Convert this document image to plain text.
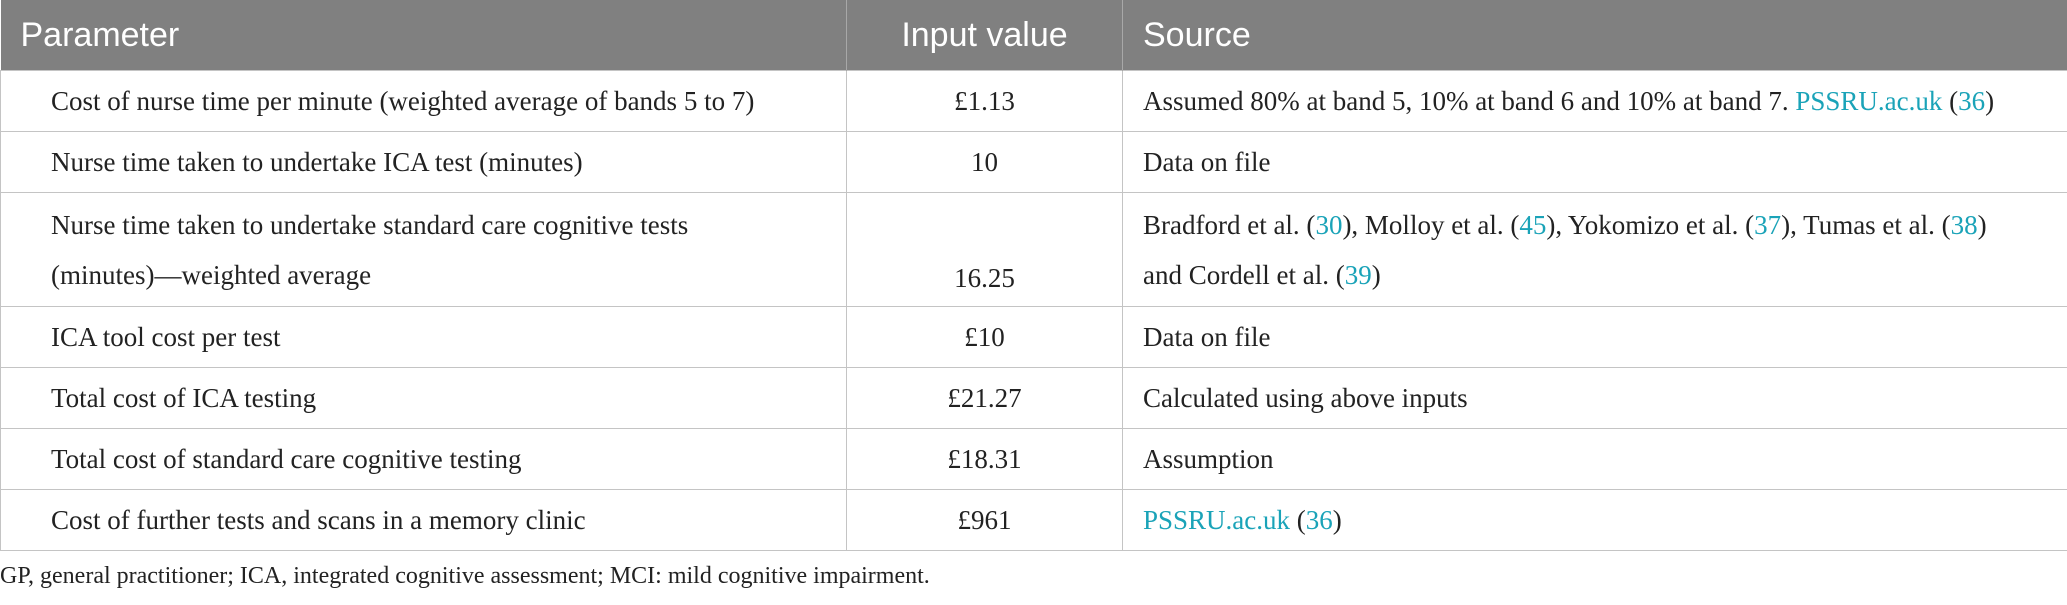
Parameter	Input value	Source
Cost of nurse time per minute (weighted average of bands 5 to 7)	£1.13	Assumed 80% at band 5, 10% at band 6 and 10% at band 7. PSSRU.ac.uk (36)
Nurse time taken to undertake ICA test (minutes)	10	Data on file
Nurse time taken to undertake standard care cognitive tests
(minutes)—weighted average	16.25	Bradford et al. (30), Molloy et al. (45), Yokomizo et al. (37), Tumas et al. (38)
and Cordell et al. (39)
ICA tool cost per test	£10	Data on file
Total cost of ICA testing	£21.27	Calculated using above inputs
Total cost of standard care cognitive testing	£18.31	Assumption
Cost of further tests and scans in a memory clinic	£961	PSSRU.ac.uk (36)
GP, general practitioner; ICA, integrated cognitive assessment; MCI: mild cognitive impairment.
